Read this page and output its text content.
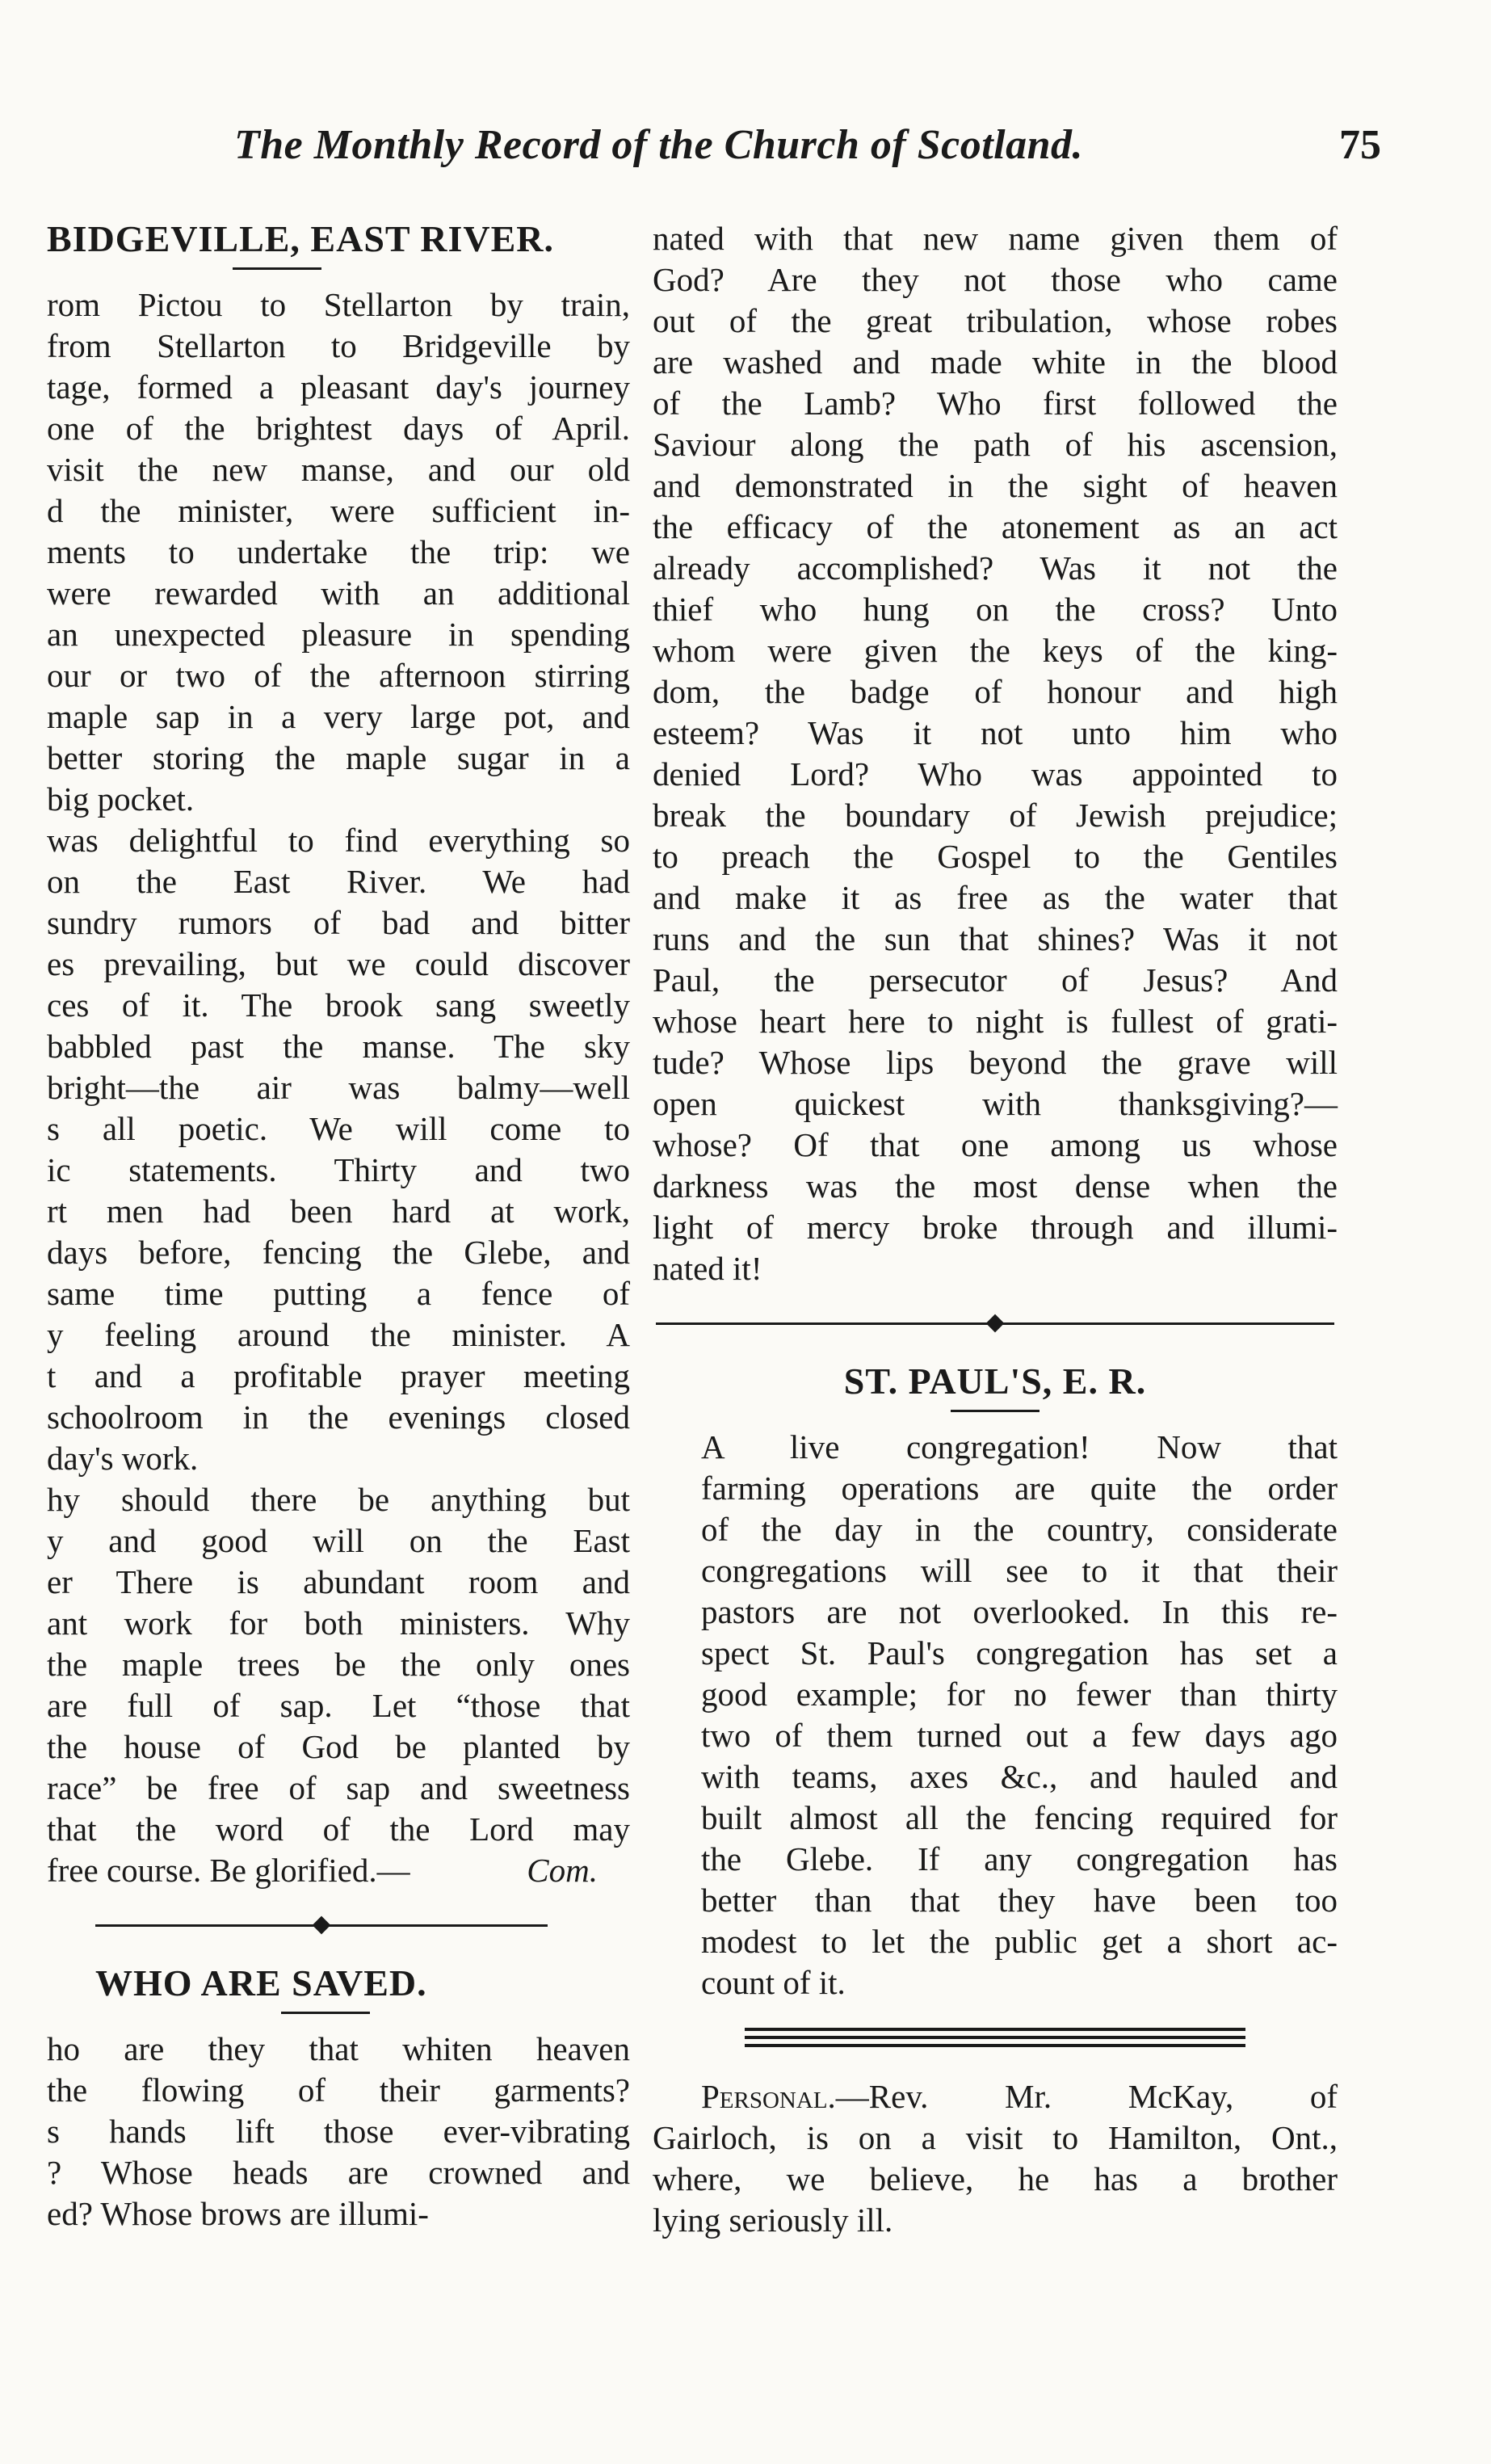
The Monthly Record of the Church of Scotland.	75
BIDGEVILLE, EAST RIVER.
rom Pictou to Stellarton by train,
from Stellarton to Bridgeville by
tage, formed a pleasant day's journey
one of the brightest days of April.
visit the new manse, and our old
d the minister, were sufficient in-
ments to undertake the trip: we
were rewarded with an additional
an unexpected pleasure in spending
our or two of the afternoon stirring
maple sap in a very large pot, and
better storing the maple sugar in a
big pocket.
was delightful to find everything so
on the East River. We had
sundry rumors of bad and bitter
es prevailing, but we could discover
ces of it. The brook sang sweetly
babbled past the manse. The sky
bright—the air was balmy—well
s all poetic. We will come to
ic statements. Thirty and two
rt men had been hard at work,
days before, fencing the Glebe, and
same time putting a fence of
y feeling around the minister. A
t and a profitable prayer meeting
schoolroom in the evenings closed
day's work.
hy should there be anything but
y and good will on the East
er There is abundant room and
ant work for both ministers. Why
the maple trees be the only ones
are full of sap. Let “those that
the house of God be planted by
race” be free of sap and sweetness
that the word of the Lord may
free course. Be glorified.—	Com.
WHO ARE SAVED.
ho are they that whiten heaven
the flowing of their garments?
s hands lift those ever-vibrating
? Whose heads are crowned and
ed? Whose brows are illumi-
nated with that new name given them of
God? Are they not those who came
out of the great tribulation, whose robes
are washed and made white in the blood
of the Lamb? Who first followed the
Saviour along the path of his ascension,
and demonstrated in the sight of heaven
the efficacy of the atonement as an act
already accomplished? Was it not the
thief who hung on the cross? Unto
whom were given the keys of the king-
dom, the badge of honour and high
esteem? Was it not unto him who
denied Lord? Who was appointed to
break the boundary of Jewish prejudice;
to preach the Gospel to the Gentiles
and make it as free as the water that
runs and the sun that shines? Was it not
Paul, the persecutor of Jesus? And
whose heart here to night is fullest of grati-
tude? Whose lips beyond the grave will
open quickest with thanksgiving?—
whose? Of that one among us whose
darkness was the most dense when the
light of mercy broke through and illumi-
nated it!
ST. PAUL'S, E. R.
A live congregation! Now that
farming operations are quite the order
of the day in the country, considerate
congregations will see to it that their
pastors are not overlooked. In this re-
spect St. Paul's congregation has set a
good example; for no fewer than thirty
two of them turned out a few days ago
with teams, axes &c., and hauled and
built almost all the fencing required for
the Glebe. If any congregation has
better than that they have been too
modest to let the public get a short ac-
count of it.
Personal.—Rev. Mr. McKay, of
Gairloch, is on a visit to Hamilton, Ont.,
where, we believe, he has a brother
lying seriously ill.
